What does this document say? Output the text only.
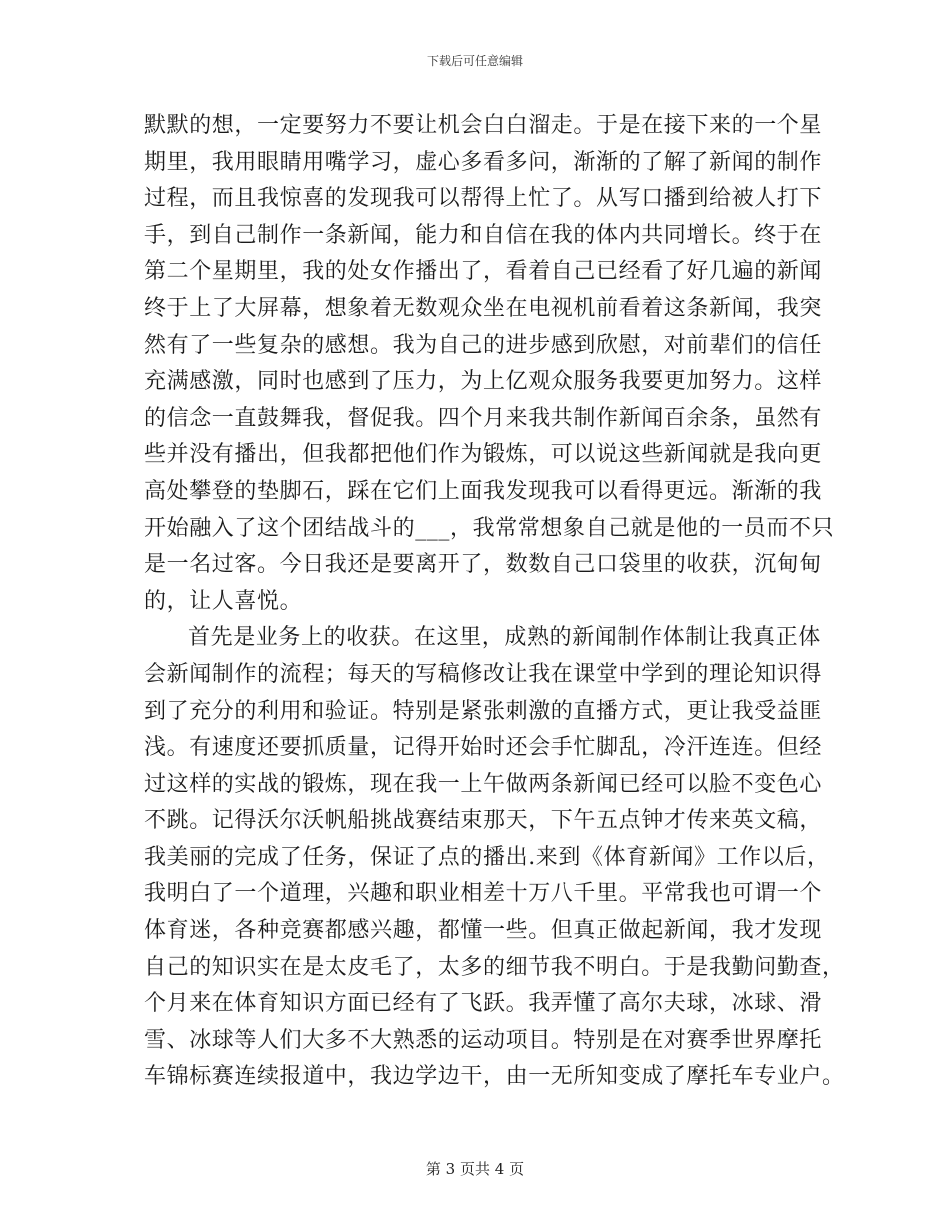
下载后可任意编辑
默默的想，一定要努力不要让机会白白溜走。于是在接下来的一个星
期里，我用眼睛用嘴学习，虚心多看多问，渐渐的了解了新闻的制作
过程，而且我惊喜的发现我可以帮得上忙了。从写口播到给被人打下
手，到自己制作一条新闻，能力和自信在我的体内共同增长。终于在
第二个星期里，我的处女作播出了，看着自己已经看了好几遍的新闻
终于上了大屏幕，想象着无数观众坐在电视机前看着这条新闻，我突
然有了一些复杂的感想。我为自己的进步感到欣慰，对前辈们的信任
充满感激，同时也感到了压力，为上亿观众服务我要更加努力。这样
的信念一直鼓舞我，督促我。四个月来我共制作新闻百余条，虽然有
些并没有播出，但我都把他们作为锻炼，可以说这些新闻就是我向更
高处攀登的垫脚石，踩在它们上面我发现我可以看得更远。渐渐的我
开始融入了这个团结战斗的___，我常常想象自己就是他的一员而不只
是一名过客。今日我还是要离开了，数数自己口袋里的收获，沉甸甸
的，让人喜悦。
首先是业务上的收获。在这里，成熟的新闻制作体制让我真正体
会新闻制作的流程；每天的写稿修改让我在课堂中学到的理论知识得
到了充分的利用和验证。特别是紧张刺激的直播方式，更让我受益匪
浅。有速度还要抓质量，记得开始时还会手忙脚乱，冷汗连连。但经
过这样的实战的锻炼，现在我一上午做两条新闻已经可以脸不变色心
不跳。记得沃尔沃帆船挑战赛结束那天，下午五点钟才传来英文稿，
我美丽的完成了任务，保证了点的播出.来到《体育新闻》工作以后，
我明白了一个道理，兴趣和职业相差十万八千里。平常我也可谓一个
体育迷，各种竞赛都感兴趣，都懂一些。但真正做起新闻，我才发现
自己的知识实在是太皮毛了，太多的细节我不明白。于是我勤问勤查，
个月来在体育知识方面已经有了飞跃。我弄懂了高尔夫球，冰球、滑
雪、冰球等人们大多不大熟悉的运动项目。特别是在对赛季世界摩托
车锦标赛连续报道中，我边学边干，由一无所知变成了摩托车专业户。
第 3 页共 4 页
